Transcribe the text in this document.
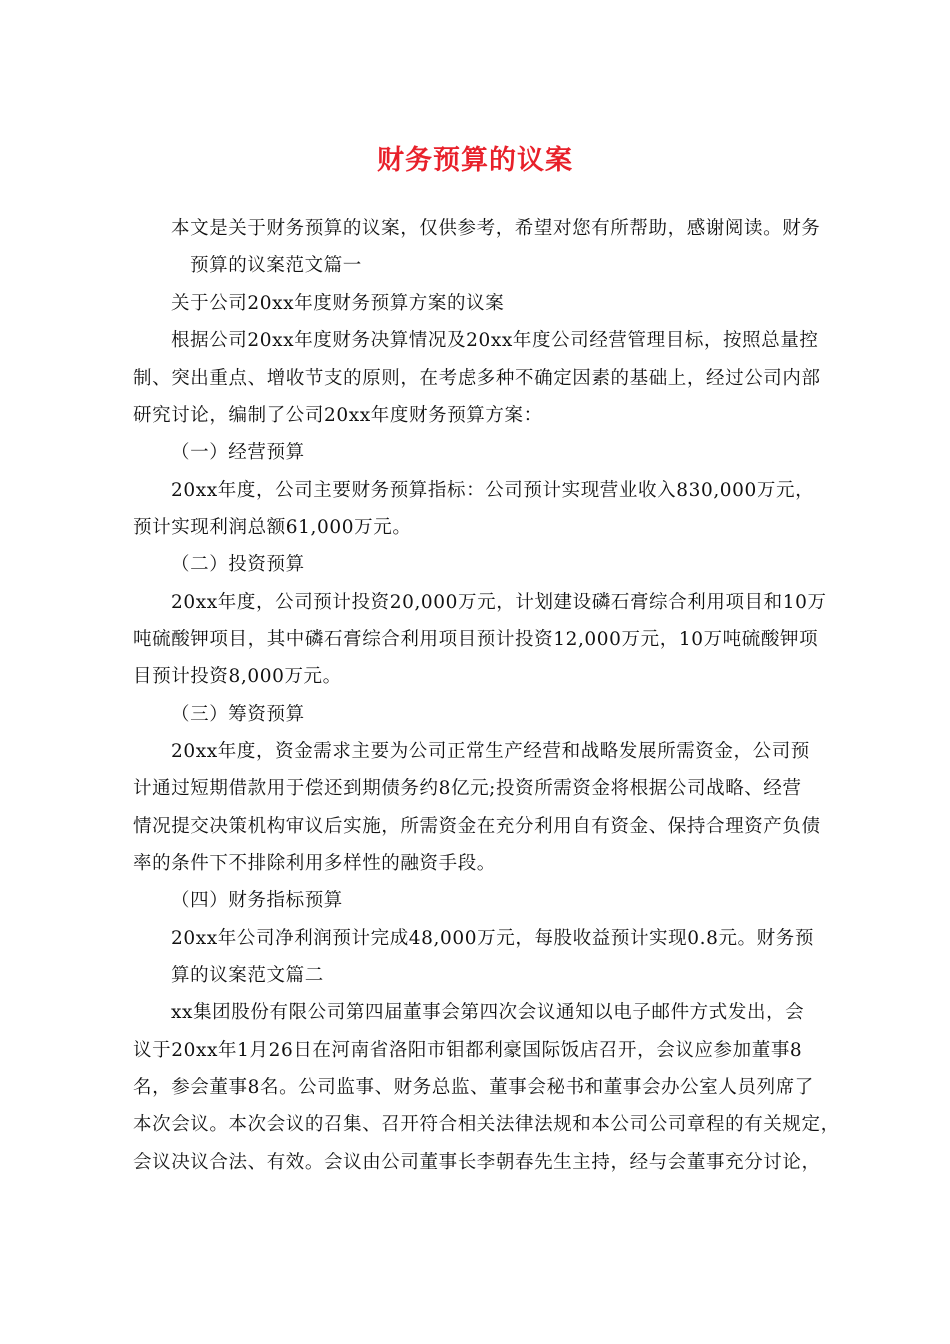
财务预算的议案
本文是关于财务预算的议案，仅供参考，希望对您有所帮助，感谢阅读。财务
预算的议案范文篇一
关于公司20xx年度财务预算方案的议案
根据公司20xx年度财务决算情况及20xx年度公司经营管理目标，按照总量控
制、突出重点、增收节支的原则，在考虑多种不确定因素的基础上，经过公司内部
研究讨论，编制了公司20xx年度财务预算方案：
（一）经营预算
20xx年度，公司主要财务预算指标：公司预计实现营业收入830,000万元，
预计实现利润总额61,000万元。
（二）投资预算
20xx年度，公司预计投资20,000万元，计划建设磷石膏综合利用项目和10万
吨硫酸钾项目，其中磷石膏综合利用项目预计投资12,000万元，10万吨硫酸钾项
目预计投资8,000万元。
（三）筹资预算
20xx年度，资金需求主要为公司正常生产经营和战略发展所需资金，公司预
计通过短期借款用于偿还到期债务约8亿元;投资所需资金将根据公司战略、经营
情况提交决策机构审议后实施，所需资金在充分利用自有资金、保持合理资产负债
率的条件下不排除利用多样性的融资手段。
（四）财务指标预算
20xx年公司净利润预计完成48,000万元，每股收益预计实现0.8元。财务预
算的议案范文篇二
xx集团股份有限公司第四届董事会第四次会议通知以电子邮件方式发出，会
议于20xx年1月26日在河南省洛阳市钼都利豪国际饭店召开，会议应参加董事8
名，参会董事8名。公司监事、财务总监、董事会秘书和董事会办公室人员列席了
本次会议。本次会议的召集、召开符合相关法律法规和本公司公司章程的有关规定，
会议决议合法、有效。会议由公司董事长李朝春先生主持，经与会董事充分讨论，
